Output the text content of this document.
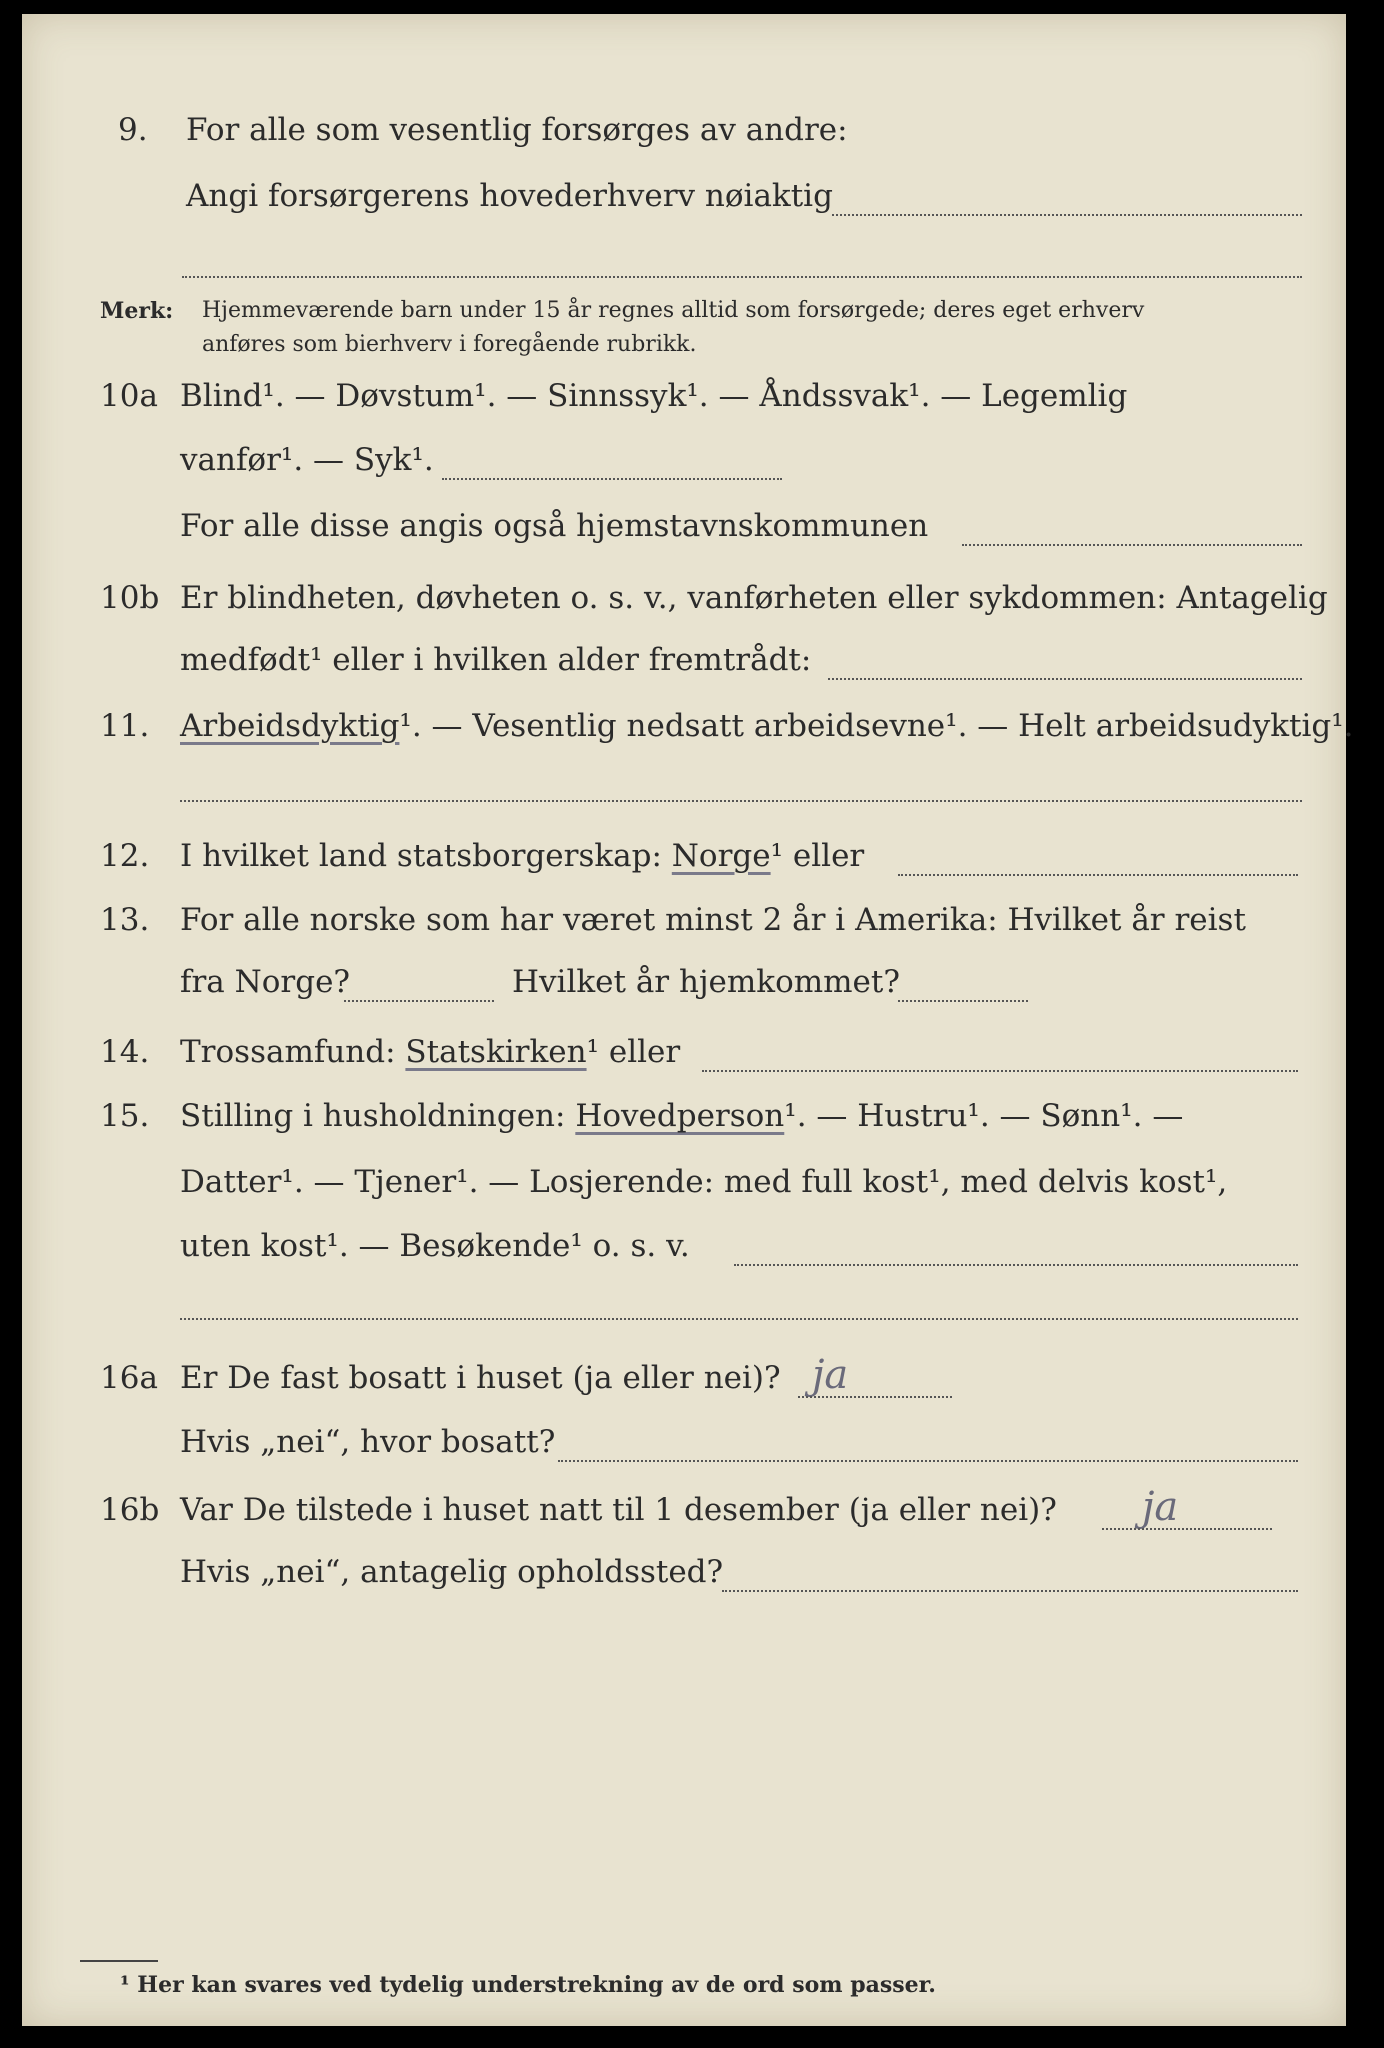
9.	For alle som vesentlig forsørges av andre:
Angi forsørgerens hovederhverv nøiaktig
Merk: Hjemmeværende barn under 15 år regnes alltid som forsørgede; deres eget erhverv
anføres som bierhverv i foregående rubrikk.
10a Blind¹. — Døvstum¹. — Sinnssyk¹. — Åndssvak¹. — Legemlig
vanfør¹. — Syk¹.
For alle disse angis også hjemstavnskommunen
10b Er blindheten, døvheten o. s. v., vanførheten eller sykdommen: Antagelig
medfødt¹ eller i hvilken alder fremtrådt:
11. Arbeidsdyktig¹. — Vesentlig nedsatt arbeidsevne¹. — Helt arbeidsudyktig¹.
12. I hvilket land statsborgerskap: Norge¹ eller
13. For alle norske som har været minst 2 år i Amerika: Hvilket år reist
fra Norge?	Hvilket år hjemkommet?
14. Trossamfund: Statskirken¹ eller
15. Stilling i husholdningen: Hovedperson¹. — Hustru¹. — Sønn¹. —
Datter¹. — Tjener¹. — Losjerende: med full kost¹, med delvis kost¹,
uten kost¹. — Besøkende¹ o. s. v.
16a Er De fast bosatt i huset (ja eller nei)? ja
Hvis „nei“, hvor bosatt?
16b Var De tilstede i huset natt til 1 desember (ja eller nei)? ja
Hvis „nei“, antagelig opholdssted?
¹ Her kan svares ved tydelig understrekning av de ord som passer.
